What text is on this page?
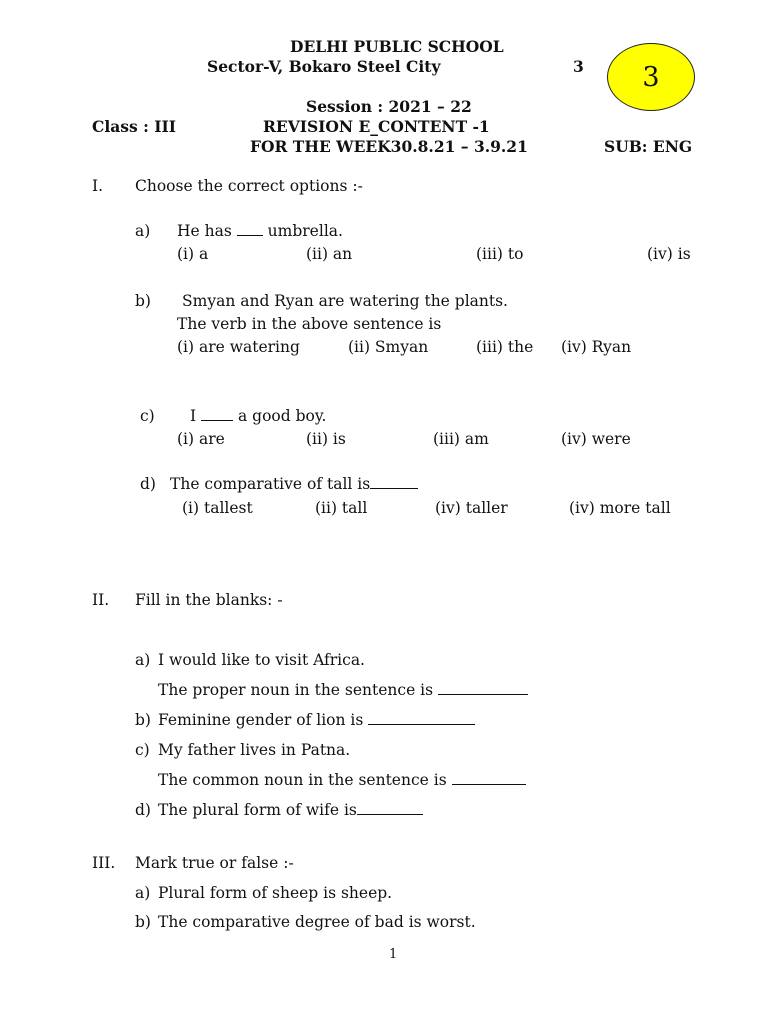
DELHI PUBLIC SCHOOL
Sector-V, Bokaro Steel City	3 3
Session : 2021 – 22
Class : III	REVISION E_CONTENT -1
FOR THE WEEK30.8.21 – 3.9.21	SUB: ENG
I. Choose the correct options :-
a) He has umbrella.
(i) a	(ii) an	(iii) to	(iv) is
b) Smyan and Ryan are watering the plants.
The verb in the above sentence is
(i) are watering	(ii) Smyan	(iii) the (iv) Ryan
c) I	a good boy.
(i) are	(ii) is	(iii) am	(iv) were
d) The comparative of tall is
(i) tallest	(ii) tall	(iv) taller	(iv) more tall
II. Fill in the blanks: -
a) I would like to visit Africa.
The proper noun in the sentence is
b) Feminine gender of lion is
c) My father lives in Patna.
The common noun in the sentence is
d) The plural form of wife is
III. Mark true or false :-
a) Plural form of sheep is sheep.
b) The comparative degree of bad is worst.
1
